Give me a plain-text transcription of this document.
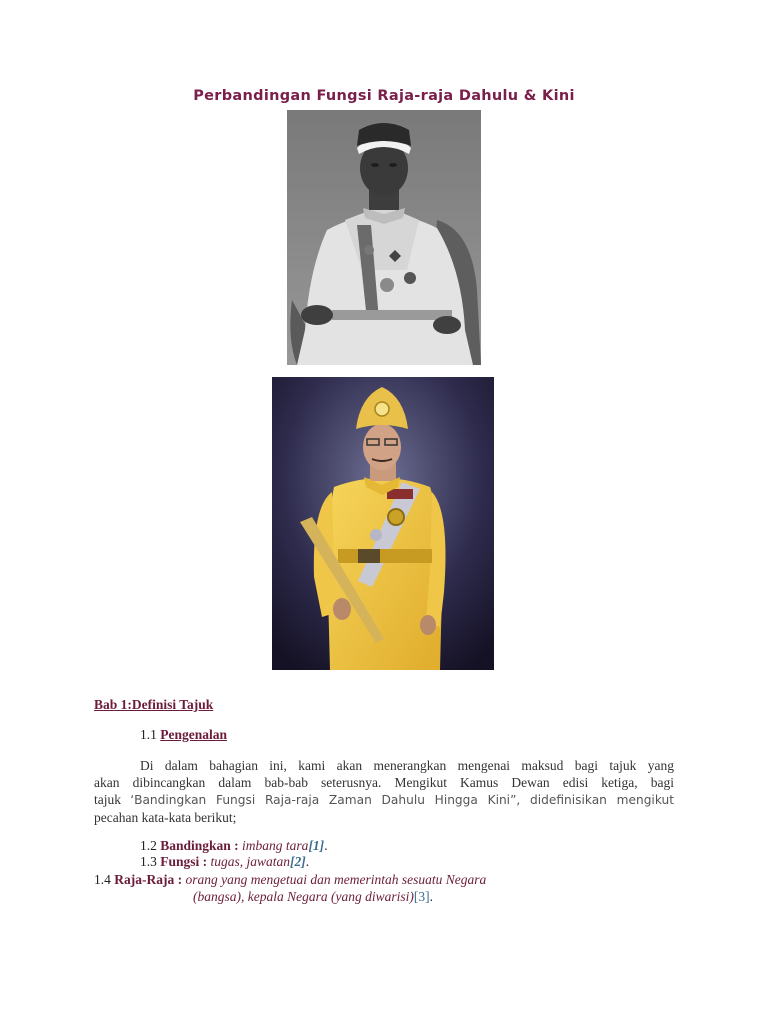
Perbandingan Fungsi Raja-raja Dahulu & Kini
Bab 1:Definisi Tajuk
1.1 Pengenalan
Di dalam bahagian ini, kami akan menerangkan mengenai maksud bagi tajuk yang
akan dibincangkan dalam bab-bab seterusnya. Mengikut Kamus Dewan edisi ketiga, bagi
tajuk ‘Bandingkan Fungsi Raja-raja Zaman Dahulu Hingga Kini”, didefinisikan mengikut
pecahan kata-kata berikut;
1.2 Bandingkan : imbang tara[1].
1.3 Fungsi : tugas, jawatan[2].
1.4 Raja-Raja : orang yang mengetuai dan memerintah sesuatu Negara
(bangsa), kepala Negara (yang diwarisi)[3].
